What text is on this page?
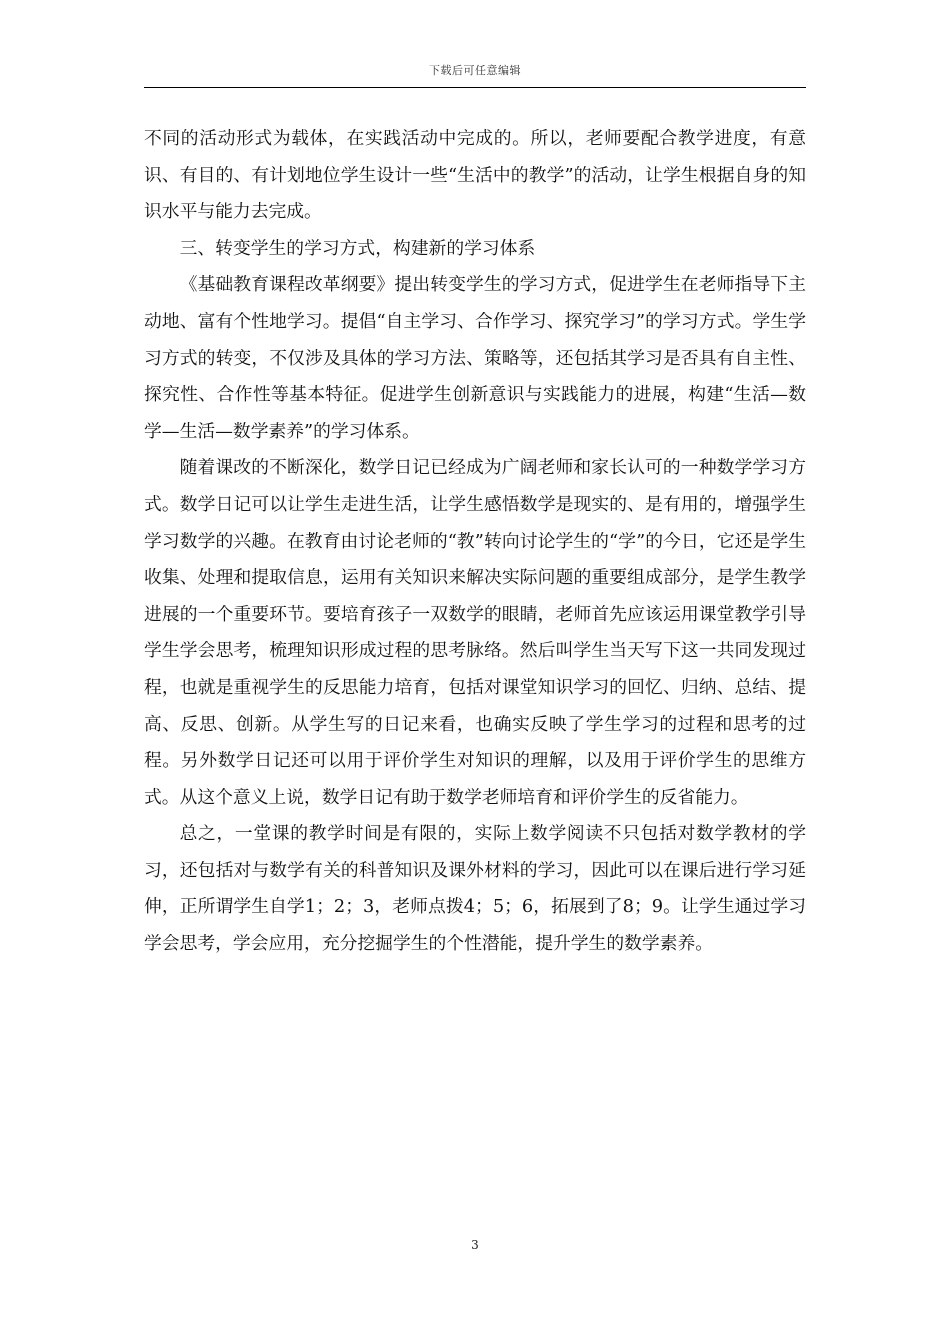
下载后可任意编辑

不同的活动形式为载体，在实践活动中完成的。所以，老师要配合教学进度，有意识、有目的、有计划地位学生设计一些“生活中的教学”的活动，让学生根据自身的知识水平与能力去完成。

三、转变学生的学习方式，构建新的学习体系

《基础教育课程改革纲要》提出转变学生的学习方式，促进学生在老师指导下主动地、富有个性地学习。提倡“自主学习、合作学习、探究学习”的学习方式。学生学习方式的转变，不仅涉及具体的学习方法、策略等，还包括其学习是否具有自主性、探究性、合作性等基本特征。促进学生创新意识与实践能力的进展，构建“生活—数学—生活—数学素养”的学习体系。

随着课改的不断深化，数学日记已经成为广阔老师和家长认可的一种数学学习方式。数学日记可以让学生走进生活，让学生感悟数学是现实的、是有用的，增强学生学习数学的兴趣。在教育由讨论老师的“教”转向讨论学生的“学”的今日，它还是学生收集、处理和提取信息，运用有关知识来解决实际问题的重要组成部分，是学生教学进展的一个重要环节。要培育孩子一双数学的眼睛，老师首先应该运用课堂教学引导学生学会思考，梳理知识形成过程的思考脉络。然后叫学生当天写下这一共同发现过程，也就是重视学生的反思能力培育，包括对课堂知识学习的回忆、归纳、总结、提高、反思、创新。从学生写的日记来看，也确实反映了学生学习的过程和思考的过程。另外数学日记还可以用于评价学生对知识的理解，以及用于评价学生的思维方式。从这个意义上说，数学日记有助于数学老师培育和评价学生的反省能力。

总之，一堂课的教学时间是有限的，实际上数学阅读不只包括对数学教材的学习，还包括对与数学有关的科普知识及课外材料的学习，因此可以在课后进行学习延伸，正所谓学生自学1；2；3，老师点拨4；5；6，拓展到了8；9。让学生通过学习学会思考，学会应用，充分挖掘学生的个性潜能，提升学生的数学素养。

3
